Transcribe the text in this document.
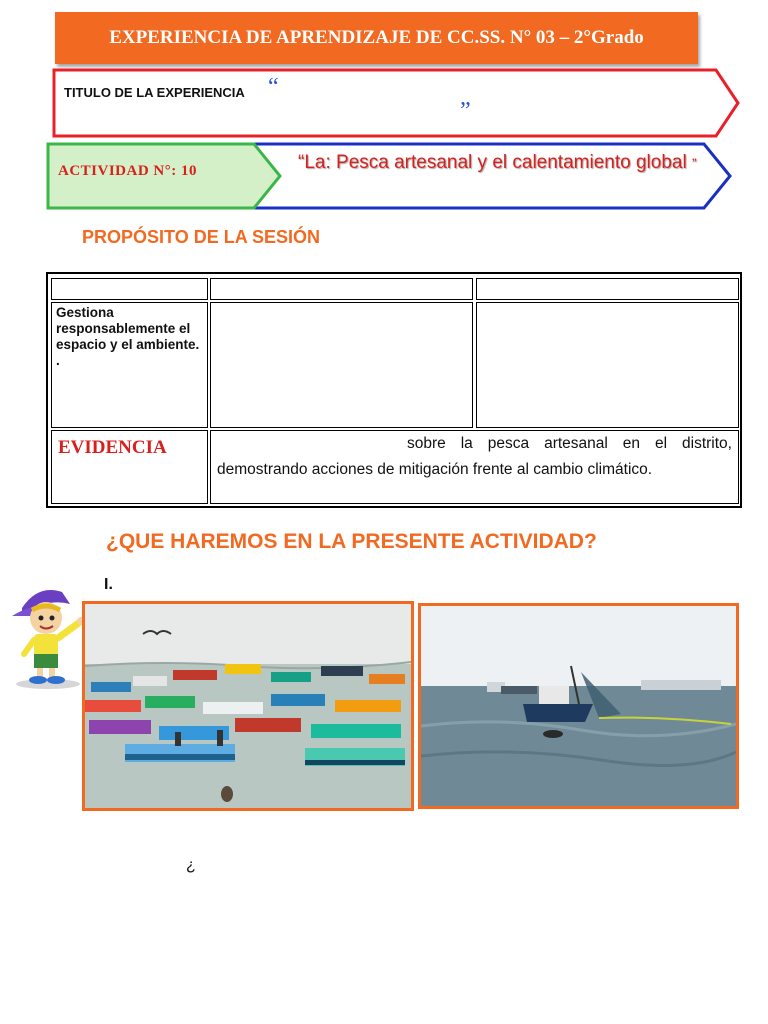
EXPERIENCIA DE APRENDIZAJE DE CC.SS. N° 03 – 2°Grado
TITULO DE LA EXPERIENCIA “
”
ACTIVIDAD N°: 10	“La: Pesca artesanal y el calentamiento global ”
PROPÓSITO DE LA SESIÓN
Gestiona responsablemente el espacio y el ambiente. .
EVIDENCIA	sobre la pesca artesanal en el distrito, demostrando acciones de mitigación frente al cambio climático.
¿QUE HAREMOS EN LA PRESENTE ACTIVIDAD?
I.
¿
